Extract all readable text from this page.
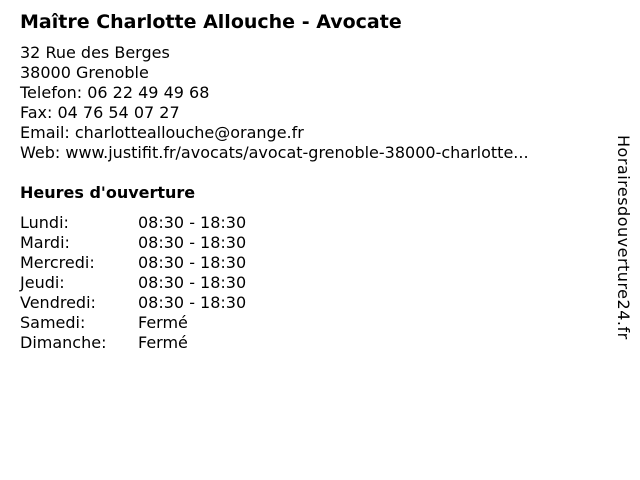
Maître Charlotte Allouche - Avocate
32 Rue des Berges
38000 Grenoble
Telefon: 06 22 49 49 68
Fax: 04 76 54 07 27
Email: charlotteallouche@orange.fr
Web: www.justifit.fr/avocats/avocat-grenoble-38000-charlotte...
Heures d'ouverture
Lundi:	08:30 - 18:30
Mardi:	08:30 - 18:30
Mercredi:	08:30 - 18:30
Jeudi:	08:30 - 18:30
Vendredi:	08:30 - 18:30
Samedi:	Fermé
Dimanche:	Fermé
Horairesdouverture24.fr
